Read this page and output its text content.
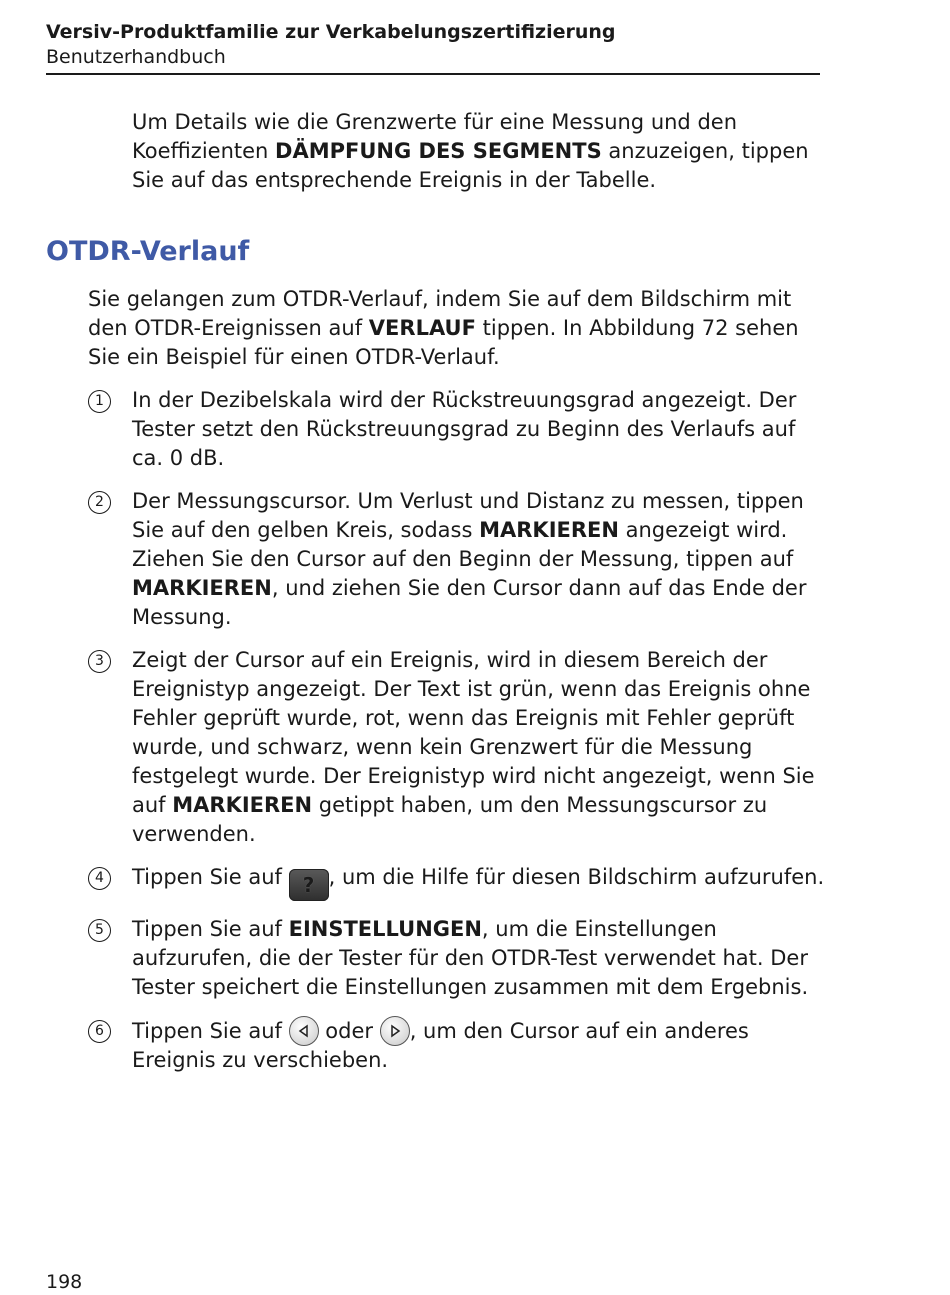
Versiv-Produktfamilie zur Verkabelungszertifizierung
Benutzerhandbuch

Um Details wie die Grenzwerte für eine Messung und den Koeffizienten DÄMPFUNG DES SEGMENTS anzuzeigen, tippen Sie auf das entsprechende Ereignis in der Tabelle.

OTDR-Verlauf

Sie gelangen zum OTDR-Verlauf, indem Sie auf dem Bildschirm mit den OTDR-Ereignissen auf VERLAUF tippen. In Abbildung 72 sehen Sie ein Beispiel für einen OTDR-Verlauf.

1	In der Dezibelskala wird der Rückstreuungsgrad angezeigt. Der Tester setzt den Rückstreuungsgrad zu Beginn des Verlaufs auf ca. 0 dB.
2	Der Messungscursor. Um Verlust und Distanz zu messen, tippen Sie auf den gelben Kreis, sodass MARKIEREN angezeigt wird. Ziehen Sie den Cursor auf den Beginn der Messung, tippen auf MARKIEREN, und ziehen Sie den Cursor dann auf das Ende der Messung.
3	Zeigt der Cursor auf ein Ereignis, wird in diesem Bereich der Ereignistyp angezeigt. Der Text ist grün, wenn das Ereignis ohne Fehler geprüft wurde, rot, wenn das Ereignis mit Fehler geprüft wurde, und schwarz, wenn kein Grenzwert für die Messung festgelegt wurde. Der Ereignistyp wird nicht angezeigt, wenn Sie auf MARKIEREN getippt haben, um den Messungscursor zu verwenden.
4	Tippen Sie auf ? , um die Hilfe für diesen Bildschirm aufzurufen.
5	Tippen Sie auf EINSTELLUNGEN, um die Einstellungen aufzurufen, die der Tester für den OTDR-Test verwendet hat. Der Tester speichert die Einstellungen zusammen mit dem Ergebnis.
6	Tippen Sie auf
oder
, um den Cursor auf ein anderes Ereignis zu verschieben.
198
